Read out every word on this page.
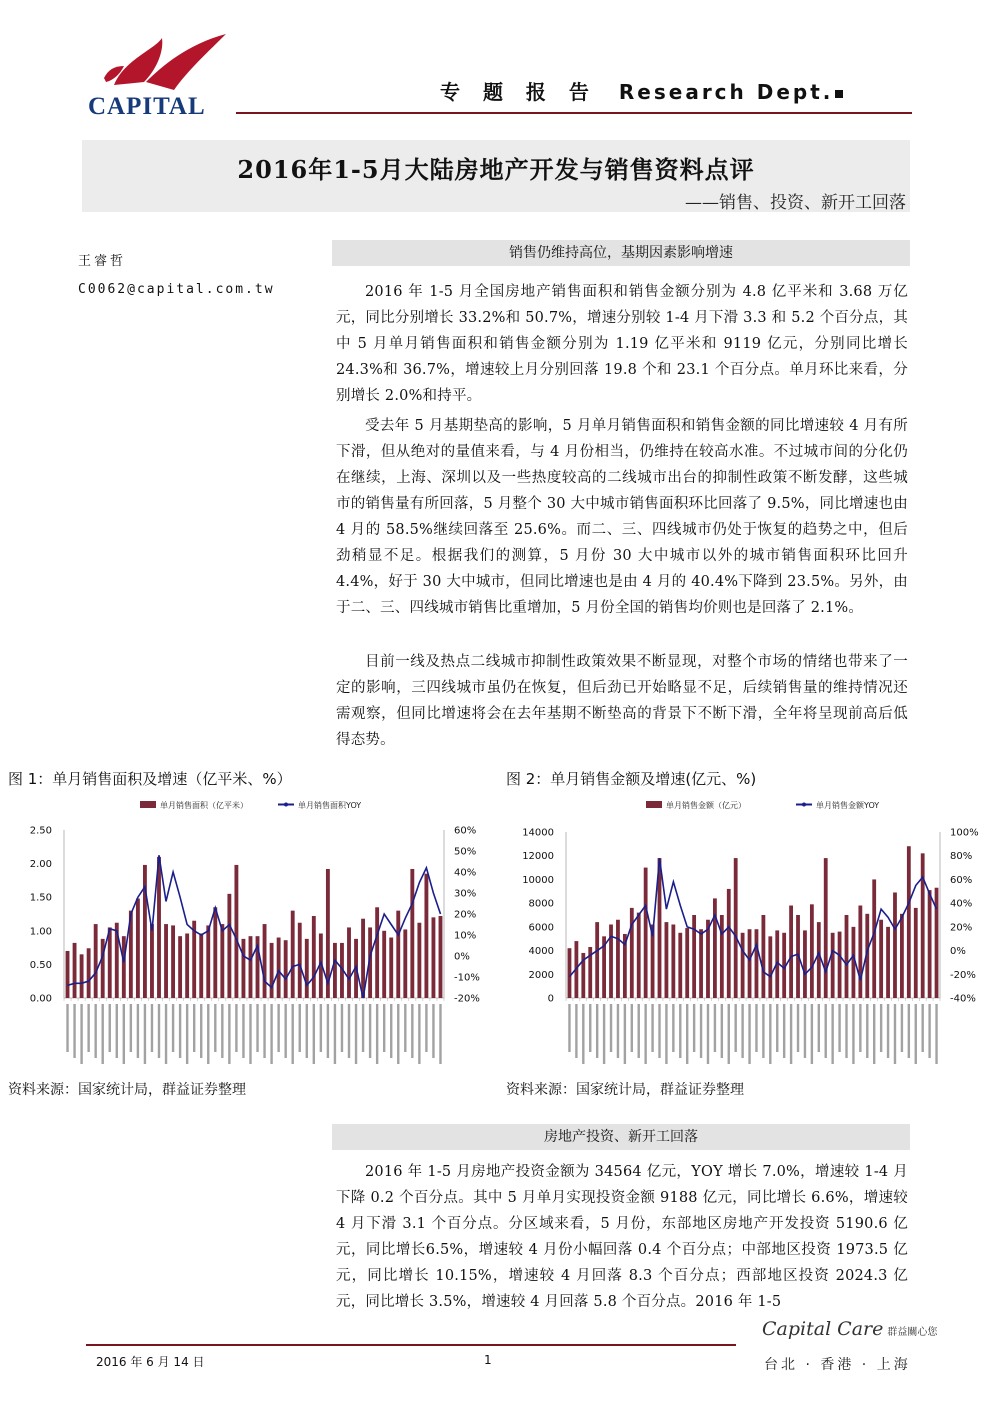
CAPITAL
专 题 报 告 Research Dept.
2016年1-5月大陆房地产开发与销售资料点评
——销售、投资、新开工回落
王睿哲
C0062@capital.com.tw
销售仍维持高位，基期因素影响增速
2016 年 1-5 月全国房地产销售面积和销售金额分别为 4.8 亿平米和 3.68 万亿元，同比分别增长 33.2%和 50.7%，增速分别较 1-4 月下滑 3.3 和 5.2 个百分点，其中 5 月单月销售面积和销售金额分别为 1.19 亿平米和 9119 亿元，分别同比增长 24.3%和 36.7%，增速较上月分别回落 19.8 个和 23.1 个百分点。单月环比来看，分别增长 2.0%和持平。
受去年 5 月基期垫高的影响，5 月单月销售面积和销售金额的同比增速较 4 月有所下滑，但从绝对的量值来看，与 4 月份相当，仍维持在较高水准。不过城市间的分化仍在继续，上海、深圳以及一些热度较高的二线城市出台的抑制性政策不断发酵，这些城市的销售量有所回落，5 月整个 30 大中城市销售面积环比回落了 9.5%，同比增速也由 4 月的 58.5%继续回落至 25.6%。而二、三、四线城市仍处于恢复的趋势之中，但后劲稍显不足。根据我们的测算，5 月份 30 大中城市以外的城市销售面积环比回升 4.4%，好于 30 大中城市，但同比增速也是由 4 月的 40.4%下降到 23.5%。另外，由于二、三、四线城市销售比重增加，5 月份全国的销售均价则也是回落了 2.1%。
目前一线及热点二线城市抑制性政策效果不断显现，对整个市场的情绪也带来了一定的影响，三四线城市虽仍在恢复，但后劲已开始略显不足，后续销售量的维持情况还需观察，但同比增速将会在去年基期不断垫高的背景下不断下滑，全年将呈现前高后低得态势。
图 1：单月销售面积及增速（亿平米、%）	图 2：单月销售金额及增速(亿元、%)
单月销售面积（亿平米）	单月销售面积YOY
0.00
0.50
1.00
1.50
2.00
2.50
-20%
-10%
0%
10%
20%
30%
40%
50%
60%
单月销售金额（亿元）	单月销售金额YOY
0
2000
4000
6000
8000
10000
12000
14000
-40%
-20%
0%
20%
40%
60%
80%
100%
资料来源：国家统计局，群益证券整理	资料来源：国家统计局，群益证券整理
房地产投资、新开工回落
2016 年 1-5 月房地产投资金额为 34564 亿元，YOY 增长 7.0%，增速较 1-4 月下降 0.2 个百分点。其中 5 月单月实现投资金额 9188 亿元，同比增长 6.6%，增速较 4 月下滑 3.1 个百分点。分区域来看，5 月份，东部地区房地产开发投资 5190.6 亿元，同比增长6.5%，增速较 4 月份小幅回落 0.4 个百分点；中部地区投资 1973.5 亿元，同比增长 10.15%，增速较 4 月回落 8.3 个百分点；西部地区投资 2024.3 亿元，同比增长 3.5%，增速较 4 月回落 5.8 个百分点。2016 年 1-5
2016 年 6 月 14 日	1
Capital Care 群益關心您
台北 · 香港 · 上海
